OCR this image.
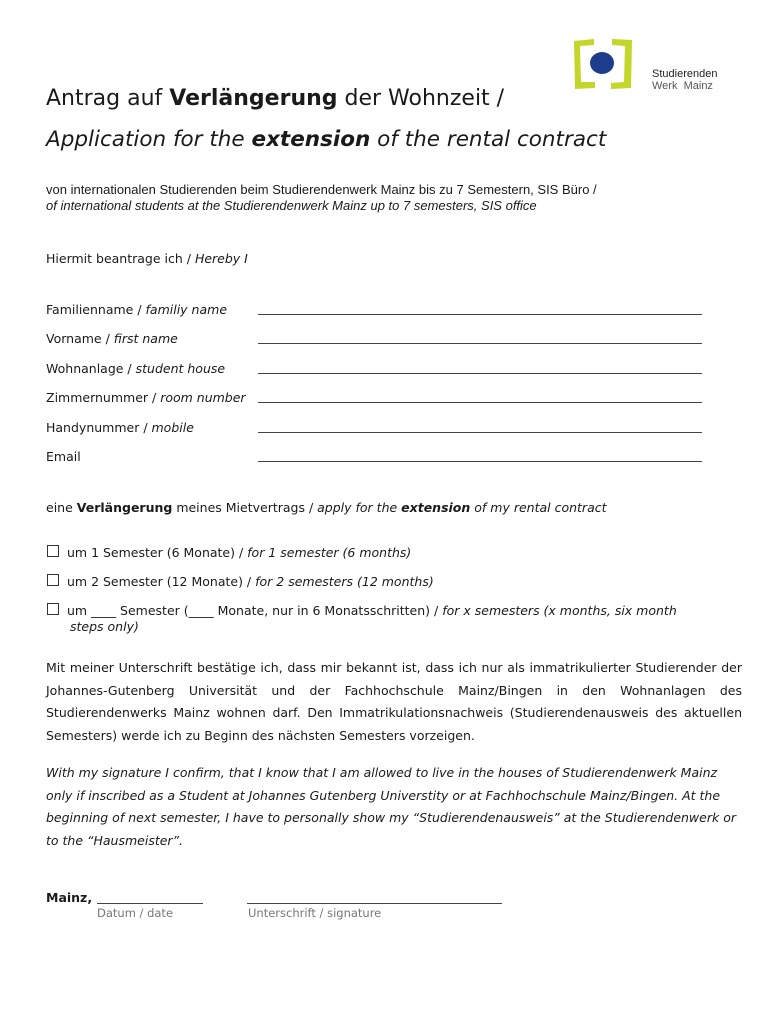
Studierenden
Werk Mainz
Antrag auf Verlängerung der Wohnzeit /
Application for the extension of the rental contract
von internationalen Studierenden beim Studierendenwerk Mainz bis zu 7 Semestern, SIS Büro /
of international students at the Studierendenwerk Mainz up to 7 semesters, SIS office
Hiermit beantrage ich / Hereby I
Familienname / familiy name
Vorname / first name
Wohnanlage / student house
Zimmernummer / room number
Handynummer / mobile
Email
eine Verlängerung meines Mietvertrags / apply for the extension of my rental contract
um 1 Semester (6 Monate) / for 1 semester (6 months)
um 2 Semester (12 Monate) / for 2 semesters (12 months)
um ____ Semester (____ Monate, nur in 6 Monatsschritten) / for x semesters (x months, six month
steps only)
Mit meiner Unterschrift bestätige ich, dass mir bekannt ist, dass ich nur als immatrikulierter Studierender der Johannes-Gutenberg Universität und der Fachhochschule Mainz/Bingen in den Wohnanlagen des Studierendenwerks Mainz wohnen darf. Den Immatrikulationsnachweis (Studierendenausweis des aktuellen Semesters) werde ich zu Beginn des nächsten Semesters vorzeigen.
With my signature I confirm, that I know that I am allowed to live in the houses of Studierendenwerk Mainz only if inscribed as a Student at Johannes Gutenberg Universtity or at Fachhochschule Mainz/Bingen. At the beginning of next semester, I have to personally show my “Studierendenausweis” at the Studierendenwerk or to the “Hausmeister”.
Mainz,
Datum / date	Unterschrift / signature
